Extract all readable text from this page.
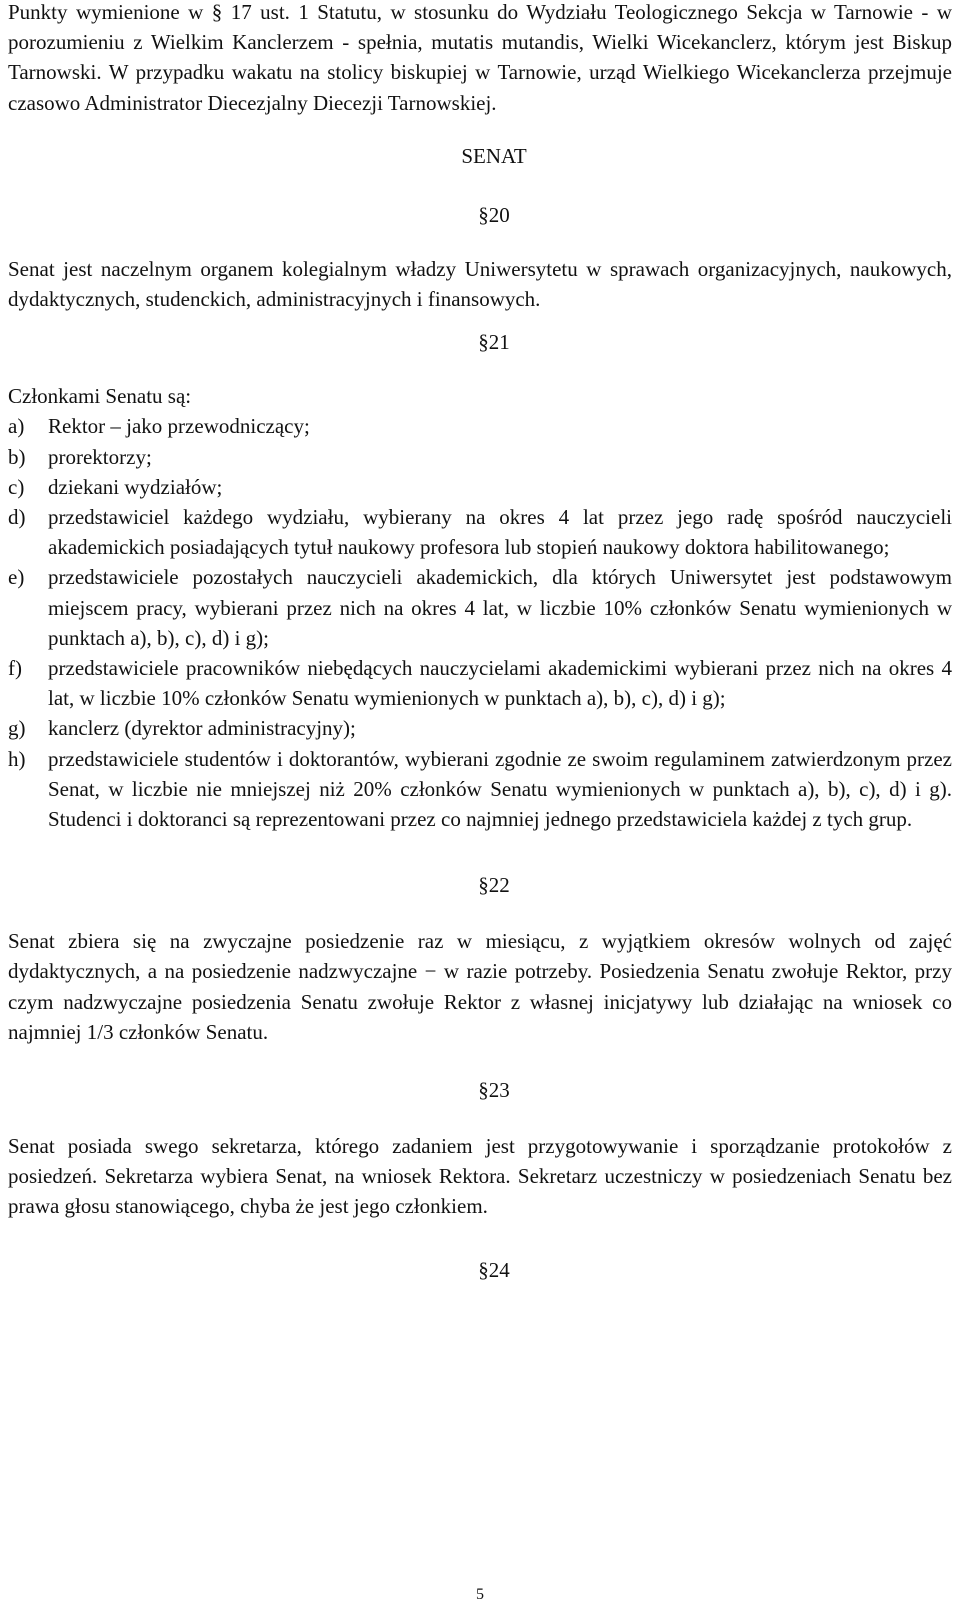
Punkty wymienione w § 17 ust. 1 Statutu, w stosunku do Wydziału Teologicznego Sekcja w Tarnowie - w porozumieniu z Wielkim Kanclerzem - spełnia, mutatis mutandis, Wielki Wicekanclerz, którym jest Biskup Tarnowski. W przypadku wakatu na stolicy biskupiej w Tarnowie, urząd Wielkiego Wicekanclerza przejmuje czasowo Administrator Diecezjalny Diecezji Tarnowskiej.

SENAT
§20

Senat jest naczelnym organem kolegialnym władzy Uniwersytetu w sprawach organizacyjnych, naukowych, dydaktycznych, studenckich, administracyjnych i finansowych.

§21

Członkami Senatu są:

a) Rektor – jako przewodniczący;
b) prorektorzy;
c) dziekani wydziałów;
d) przedstawiciel każdego wydziału, wybierany na okres 4 lat przez jego radę spośród nauczycieli akademickich posiadających tytuł naukowy profesora lub stopień naukowy doktora habilitowanego;
e) przedstawiciele pozostałych nauczycieli akademickich, dla których Uniwersytet jest podstawowym miejscem pracy, wybierani przez nich na okres 4 lat, w liczbie 10% członków Senatu wymienionych w punktach a), b), c), d) i g);
f) przedstawiciele pracowników niebędących nauczycielami akademickimi wybierani przez nich na okres 4 lat, w liczbie 10% członków Senatu wymienionych w punktach a), b), c), d) i g);
g) kanclerz (dyrektor administracyjny);
h) przedstawiciele studentów i doktorantów, wybierani zgodnie ze swoim regulaminem zatwierdzonym przez Senat, w liczbie nie mniejszej niż 20% członków Senatu wymienionych w punktach a), b), c), d) i g). Studenci i doktoranci są reprezentowani przez co najmniej jednego przedstawiciela każdej z tych grup.
§22

Senat zbiera się na zwyczajne posiedzenie raz w miesiącu, z wyjątkiem okresów wolnych od zajęć dydaktycznych, a na posiedzenie nadzwyczajne − w razie potrzeby. Posiedzenia Senatu zwołuje Rektor, przy czym nadzwyczajne posiedzenia Senatu zwołuje Rektor z własnej inicjatywy lub działając na wniosek co najmniej 1/3 członków Senatu.

§23

Senat posiada swego sekretarza, którego zadaniem jest przygotowywanie i sporządzanie protokołów z posiedzeń. Sekretarza wybiera Senat, na wniosek Rektora. Sekretarz uczestniczy w posiedzeniach Senatu bez prawa głosu stanowiącego, chyba że jest jego członkiem.

§24
5
